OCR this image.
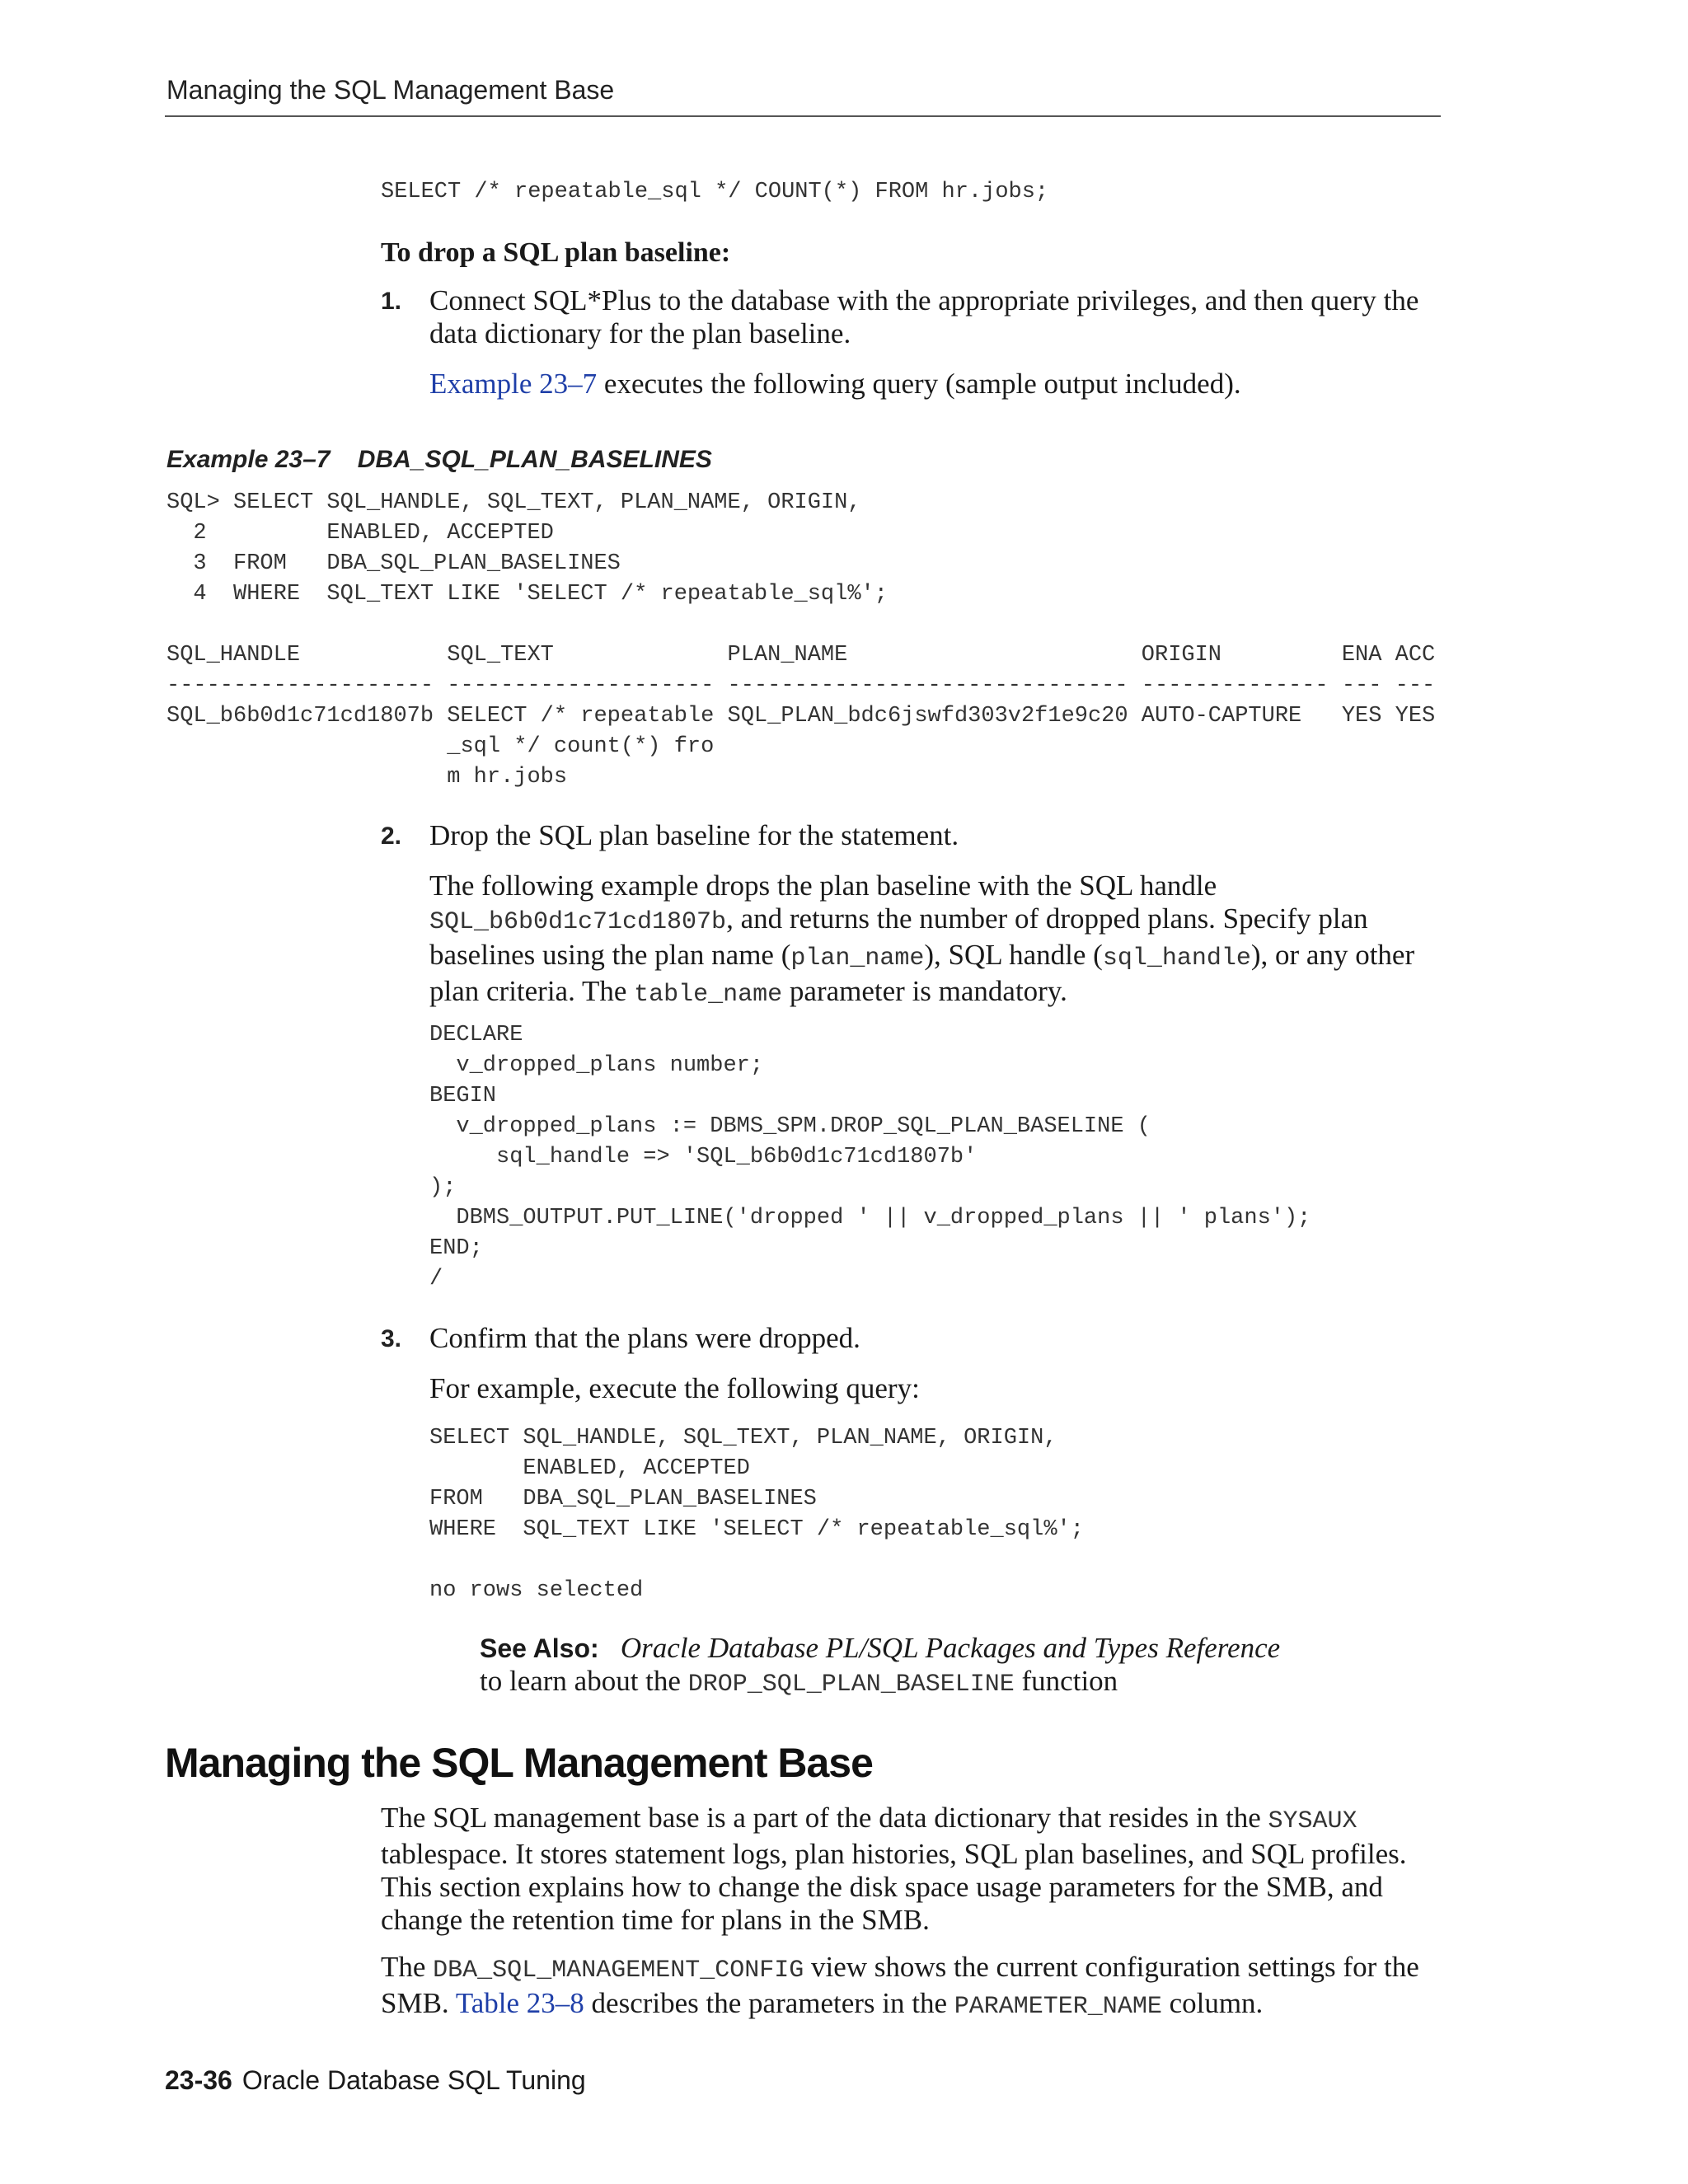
Managing the SQL Management Base
SELECT /* repeatable_sql */ COUNT(*) FROM hr.jobs;
To drop a SQL plan baseline:
1. Connect SQL*Plus to the database with the appropriate privileges, and then query the data dictionary for the plan baseline.

Example 23–7 executes the following query (sample output included).

Example 23–7    DBA_SQL_PLAN_BASELINES
SQL> SELECT SQL_HANDLE, SQL_TEXT, PLAN_NAME, ORIGIN,
2         ENABLED, ACCEPTED
3  FROM   DBA_SQL_PLAN_BASELINES
4  WHERE  SQL_TEXT LIKE 'SELECT /* repeatable_sql%';

SQL_HANDLE           SQL_TEXT             PLAN_NAME                      ORIGIN         ENA ACC
-------------------- -------------------- ------------------------------ -------------- --- ---
SQL_b6b0d1c71cd1807b SELECT /* repeatable SQL_PLAN_bdc6jswfd303v2f1e9c20 AUTO-CAPTURE   YES YES
_sql */ count(*) fro
m hr.jobs
2. Drop the SQL plan baseline for the statement.

The following example drops the plan baseline with the SQL handle SQL_b6b0d1c71cd1807b, and returns the number of dropped plans. Specify plan baselines using the plan name (plan_name), SQL handle (sql_handle), or any other plan criteria. The table_name parameter is mandatory.

DECLARE
v_dropped_plans number;
BEGIN
v_dropped_plans := DBMS_SPM.DROP_SQL_PLAN_BASELINE (
sql_handle => 'SQL_b6b0d1c71cd1807b'
);
DBMS_OUTPUT.PUT_LINE('dropped ' || v_dropped_plans || ' plans');
END;
/
3. Confirm that the plans were dropped.

For example, execute the following query:

SELECT SQL_HANDLE, SQL_TEXT, PLAN_NAME, ORIGIN,
ENABLED, ACCEPTED
FROM   DBA_SQL_PLAN_BASELINES
WHERE  SQL_TEXT LIKE 'SELECT /* repeatable_sql%';

no rows selected

See Also: Oracle Database PL/SQL Packages and Types Reference to learn about the DROP_SQL_PLAN_BASELINE function

Managing the SQL Management Base

The SQL management base is a part of the data dictionary that resides in the SYSAUX tablespace. It stores statement logs, plan histories, SQL plan baselines, and SQL profiles. This section explains how to change the disk space usage parameters for the SMB, and change the retention time for plans in the SMB.

The DBA_SQL_MANAGEMENT_CONFIG view shows the current configuration settings for the SMB. Table 23–8 describes the parameters in the PARAMETER_NAME column.

23-36 Oracle Database SQL Tuning
